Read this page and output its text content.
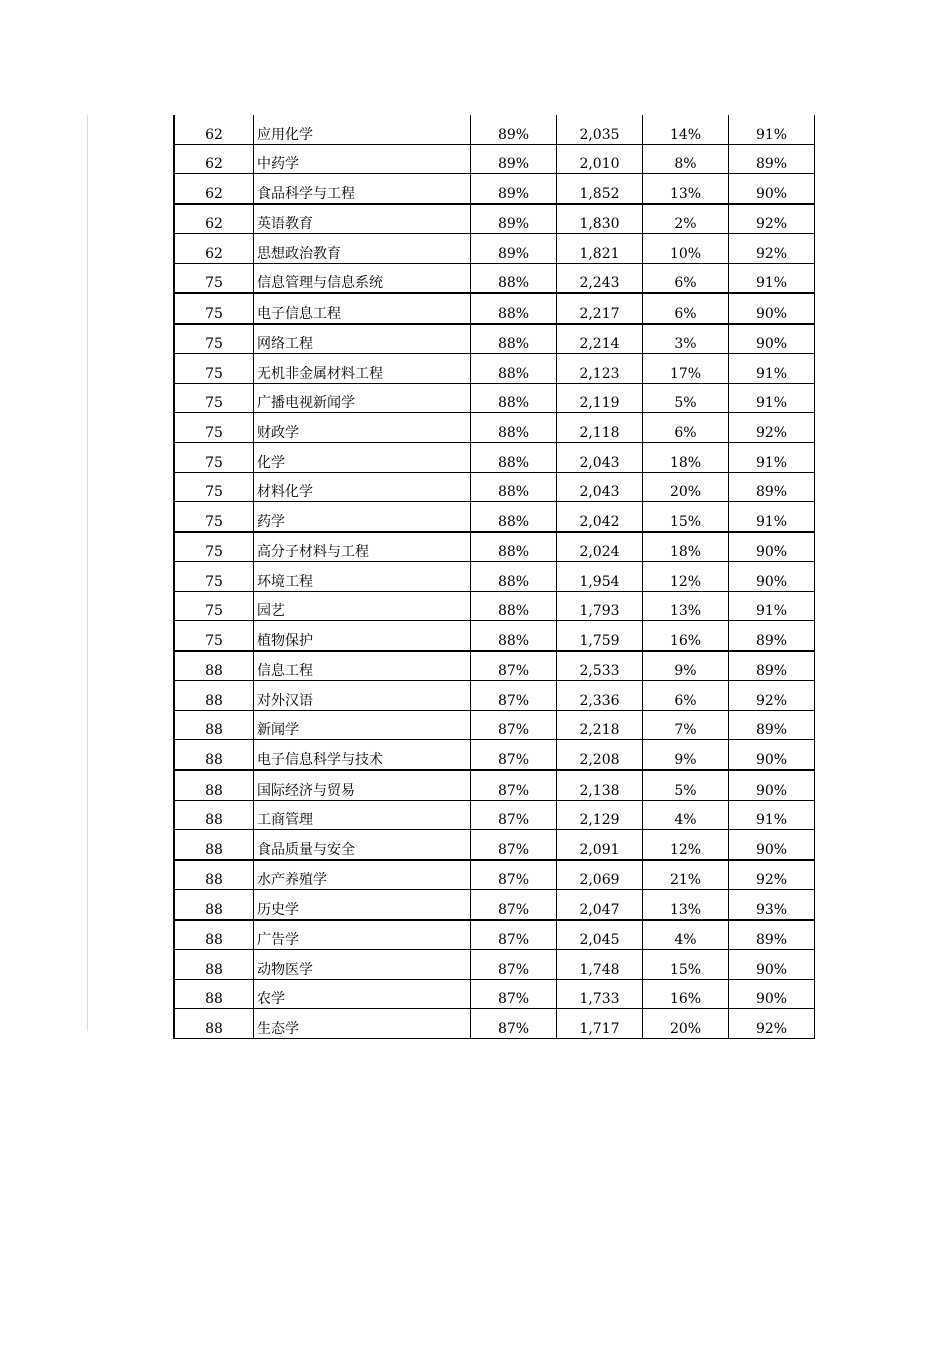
62	应用化学	89%	2,035	14%	91%
62	中药学	89%	2,010	8%	89%
62	食品科学与工程	89%	1,852	13%	90%
62	英语教育	89%	1,830	2%	92%
62	思想政治教育	89%	1,821	10%	92%
75	信息管理与信息系统	88%	2,243	6%	91%
75	电子信息工程	88%	2,217	6%	90%
75	网络工程	88%	2,214	3%	90%
75	无机非金属材料工程	88%	2,123	17%	91%
75	广播电视新闻学	88%	2,119	5%	91%
75	财政学	88%	2,118	6%	92%
75	化学	88%	2,043	18%	91%
75	材料化学	88%	2,043	20%	89%
75	药学	88%	2,042	15%	91%
75	高分子材料与工程	88%	2,024	18%	90%
75	环境工程	88%	1,954	12%	90%
75	园艺	88%	1,793	13%	91%
75	植物保护	88%	1,759	16%	89%
88	信息工程	87%	2,533	9%	89%
88	对外汉语	87%	2,336	6%	92%
88	新闻学	87%	2,218	7%	89%
88	电子信息科学与技术	87%	2,208	9%	90%
88	国际经济与贸易	87%	2,138	5%	90%
88	工商管理	87%	2,129	4%	91%
88	食品质量与安全	87%	2,091	12%	90%
88	水产养殖学	87%	2,069	21%	92%
88	历史学	87%	2,047	13%	93%
88	广告学	87%	2,045	4%	89%
88	动物医学	87%	1,748	15%	90%
88	农学	87%	1,733	16%	90%
88	生态学	87%	1,717	20%	92%
